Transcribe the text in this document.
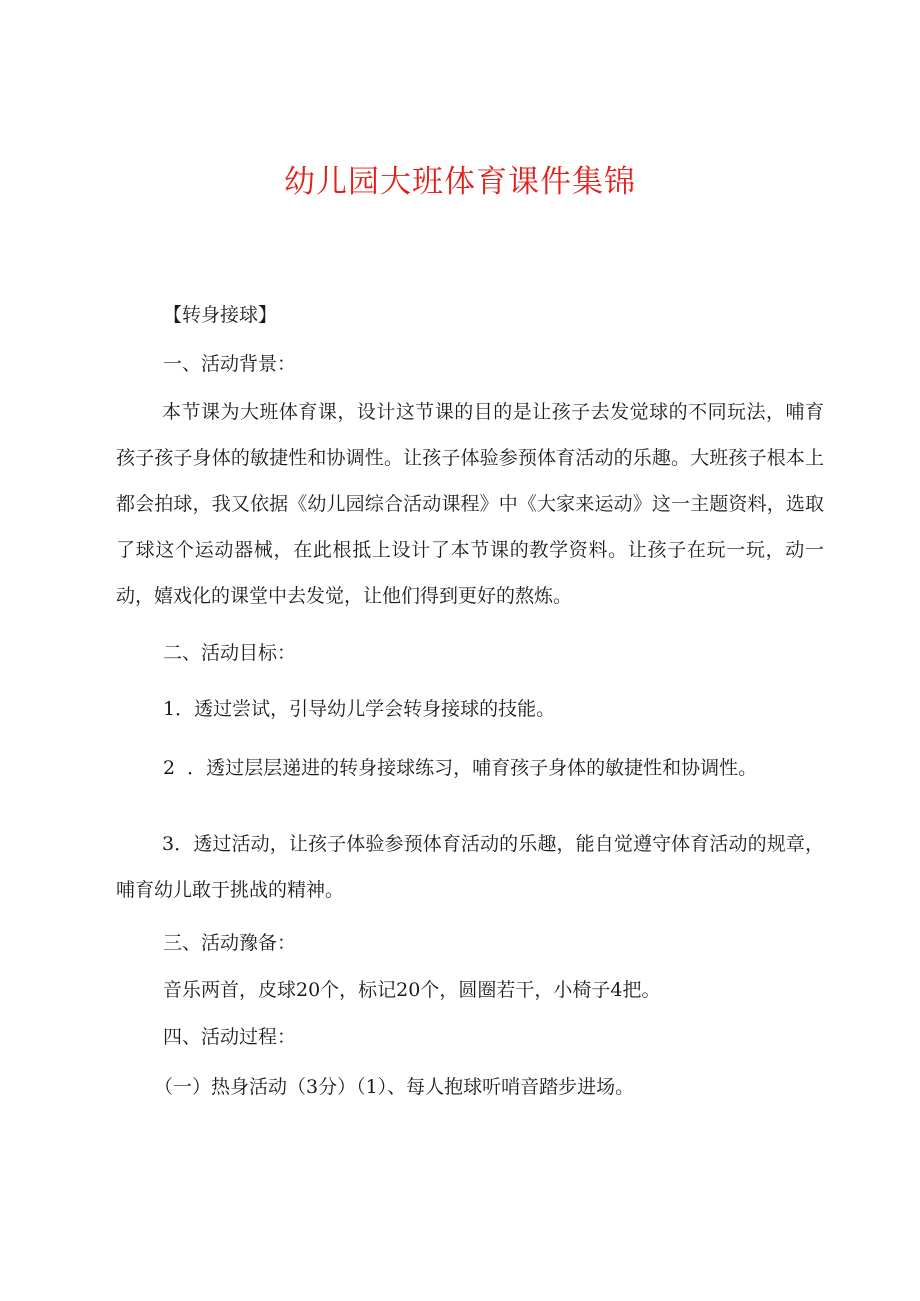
幼儿园大班体育课件集锦
【转身接球】
一、活动背景：
本节课为大班体育课，设计这节课的目的是让孩子去发觉球的不同玩法，哺育孩子孩子身体的敏捷性和协调性。让孩子体验参预体育活动的乐趣。大班孩子根本上都会拍球，我又依据《幼儿园综合活动课程》中《大家来运动》这一主题资料，选取了球这个运动器械，在此根抵上设计了本节课的教学资料。让孩子在玩一玩，动一动，嬉戏化的课堂中去发觉，让他们得到更好的熬炼。
二、活动目标：
1．透过尝试，引导幼儿学会转身接球的技能。
2 ．透过层层递进的转身接球练习，哺育孩子身体的敏捷性和协调性。
3．透过活动，让孩子体验参预体育活动的乐趣，能自觉遵守体育活动的规章，哺育幼儿敢于挑战的精神。
三、活动豫备：
音乐两首，皮球20个，标记20个，圆圈若干，小椅子4把。
四、活动过程：
（一）热身活动（3分）（1）、每人抱球听哨音踏步进场。
